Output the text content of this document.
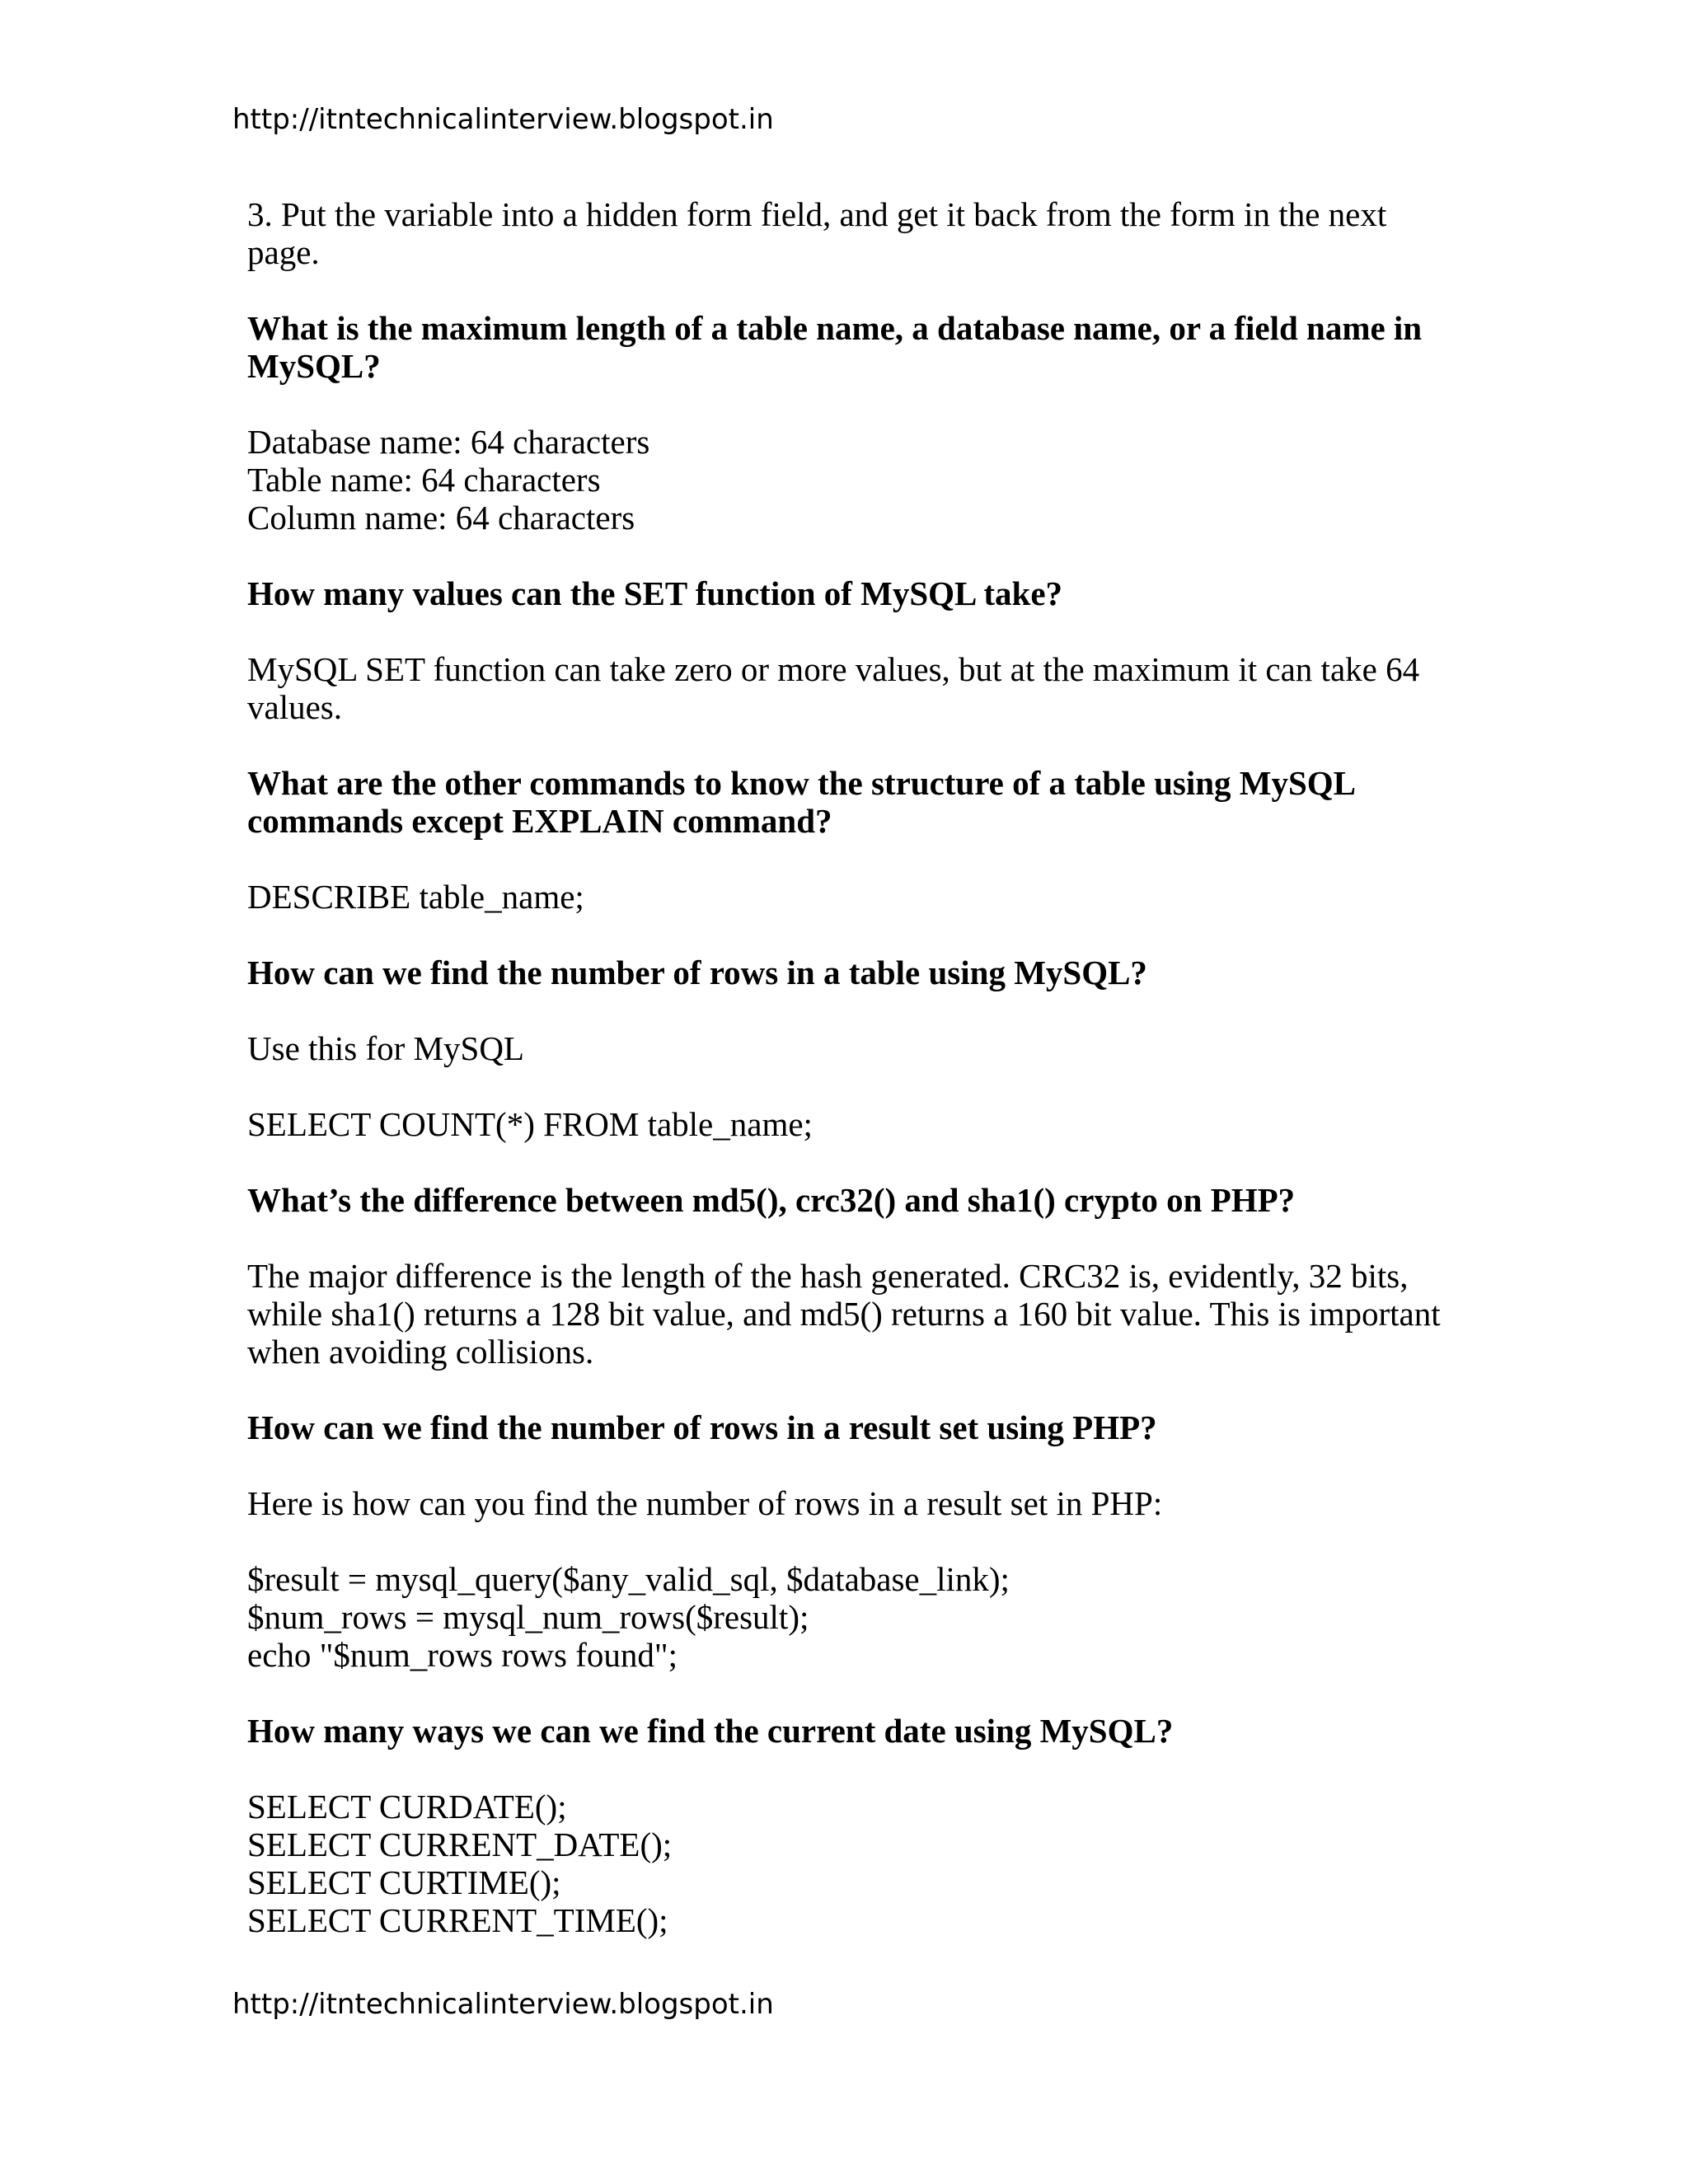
http://itntechnicalinterview.blogspot.in

3. Put the variable into a hidden form field, and get it back from the form in the next
page.

What is the maximum length of a table name, a database name, or a field name in
MySQL?

Database name: 64 characters
Table name: 64 characters
Column name: 64 characters

How many values can the SET function of MySQL take?

MySQL SET function can take zero or more values, but at the maximum it can take 64
values.

What are the other commands to know the structure of a table using MySQL
commands except EXPLAIN command?

DESCRIBE table_name;

How can we find the number of rows in a table using MySQL?

Use this for MySQL

SELECT COUNT(*) FROM table_name;

What’s the difference between md5(), crc32() and sha1() crypto on PHP?

The major difference is the length of the hash generated. CRC32 is, evidently, 32 bits,
while sha1() returns a 128 bit value, and md5() returns a 160 bit value. This is important
when avoiding collisions.

How can we find the number of rows in a result set using PHP?

Here is how can you find the number of rows in a result set in PHP:

$result = mysql_query($any_valid_sql, $database_link);
$num_rows = mysql_num_rows($result);
echo "$num_rows rows found";

How many ways we can we find the current date using MySQL?

SELECT CURDATE();
SELECT CURRENT_DATE();
SELECT CURTIME();
SELECT CURRENT_TIME();

http://itntechnicalinterview.blogspot.in
